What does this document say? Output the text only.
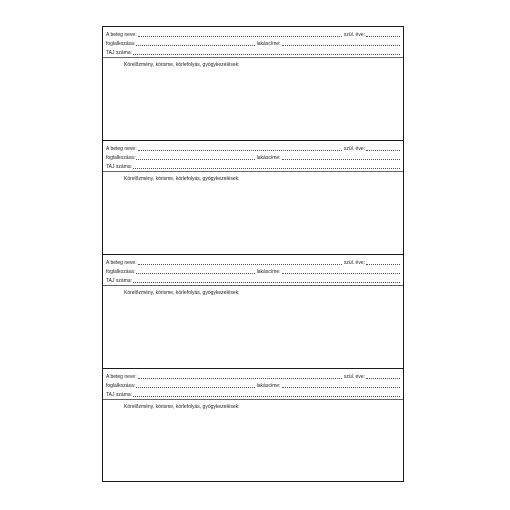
A beteg neve:	szül. éve:
foglalkozása:	lakáscíme:
TAJ száma:
Kórelőzmény, kórisme, kórlefolyás, gyógykezelések:
A beteg neve:	szül. éve:
foglalkozása:	lakáscíme:
TAJ száma:
Kórelőzmény, kórisme, kórlefolyás, gyógykezelések:
A beteg neve:	szül. éve:
foglalkozása:	lakáscíme:
TAJ száma:
Kórelőzmény, kórisme, kórlefolyás, gyógykezelések:
A beteg neve:	szül. éve:
foglalkozása:	lakáscíme:
TAJ száma:
Kórelőzmény, kórisme, kórlefolyás, gyógykezelések:
